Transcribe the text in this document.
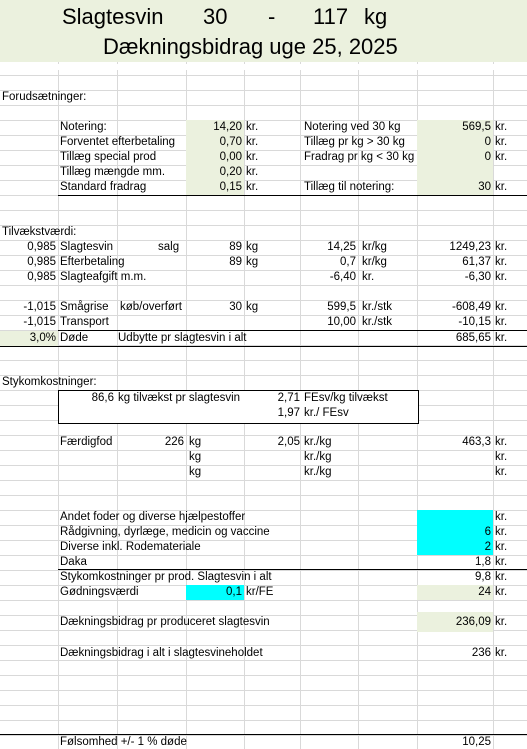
Slagtesvin 30 - 117 kg
Dækningsbidrag uge 25, 2025
Forudsætninger:
Notering:	14,20 kr.	Notering ved 30 kg	569,5 kr.
Forventet efterbetaling	0,70 kr.	Tillæg pr kg > 30 kg	0 kr.
Tillæg special prod	0,00 kr.	Fradrag pr kg < 30 kg	0 kr.
Tillæg mængde mm.	0,20 kr.
Standard fradrag	0,15 kr.	Tillæg til notering:	30 kr.
Tilvækstværdi:
0,985 Slagtesvin	salg	89 kg	14,25 kr/kg	1249,23 kr.
0,985 Efterbetaling	89 kg	0,7 kr/kg	61,37 kr.
0,985 Slagteafgift m.m.	-6,40 kr.	-6,30 kr.
-1,015 Smågrise køb/overført	30 kg	599,5 kr./stk	-608,49 kr.
-1,015 Transport	10,00 kr./stk	-10,15 kr.
3,0% Døde	Udbytte pr slagtesvin i alt	685,65 kr.
Stykomkostninger:
86,6 kg tilvækst pr slagtesvin	2,71 FEsv/kg tilvækst
1,97 kr./ FEsv
Færdigfod	226 kg	2,05 kr./kg	463,3 kr.
kg	kr./kg	kr.
kg	kr./kg	kr.
Andet foder og diverse hjælpestoffer	kr.
Rådgivning, dyrlæge, medicin og vaccine	6 kr.
Diverse inkl. Rodemateriale	2 kr.
Daka	1,8 kr.
Stykomkostninger pr prod. Slagtesvin i alt	9,8 kr.
Gødningsværdi	0,1 kr/FE	24 kr.
Dækningsbidrag pr produceret slagtesvin	236,09 kr.
Dækningsbidrag i alt i slagtesvineholdet	236 kr.
Følsomhed +/- 1 % døde	10,25
